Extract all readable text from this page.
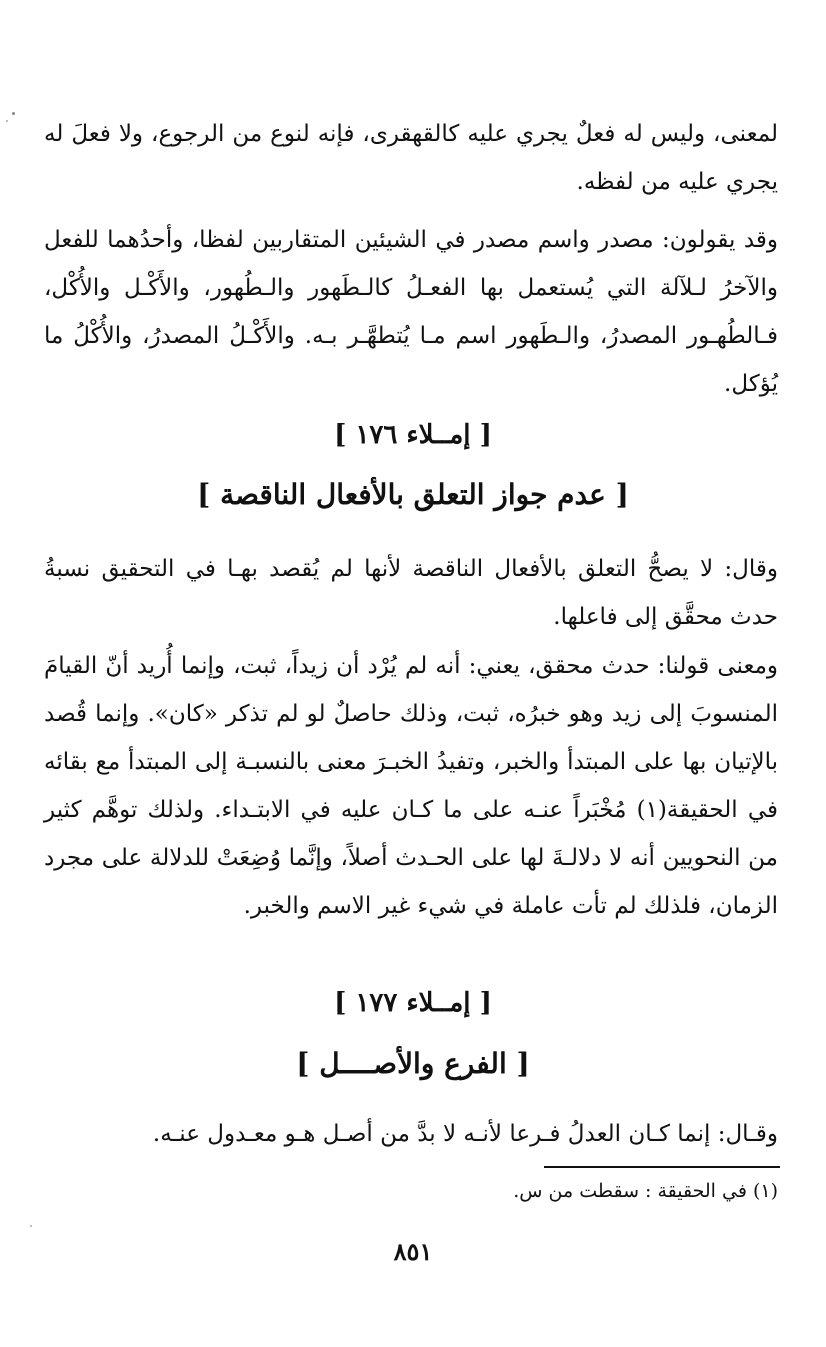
لمعنى، وليس له فعلٌ يجري عليه كالقهقرى، فإنه لنوع من الرجوع، ولا فعلَ له يجري عليه من لفظه.

وقد يقولون: مصدر واسم مصدر في الشيئين المتقاربين لفظا، وأحدُهما للفعل والآخرُ لـلآلة التي يُستعمل بها الفعـلُ كالـطَهور والـطُهور، والأَكْـل والأُكْل، فـالطُهـور المصدرُ، والـطَهور اسم مـا يُتطهَّـر بـه. والأَكْـلُ المصدرُ، والأُكْلُ ما يُؤكل.

[ إمــلاء ١٧٦ ]
[ عدم جواز التعلق بالأفعال الناقصة ]

وقال: لا يصحُّ التعلق بالأفعال الناقصة لأنها لم يُقصد بهـا في التحقيق نسبةُ حدث محقَّق إلى فاعلها.

ومعنى قولنا: حدث محقق، يعني: أنه لم يُرْد أن زيداً، ثبت، وإنما أُريد أنّ القيامَ المنسوبَ إلى زيد وهو خبرُه، ثبت، وذلك حاصلٌ لو لم تذكر «كان». وإنما قُصد بالإتيان بها على المبتدأ والخبر، وتفيدُ الخبـرَ معنى بالنسبـة إلى المبتدأ مع بقائه في الحقيقة(١) مُخْبَراً عنـه على ما كـان عليه في الابتـداء. ولذلك توهَّم كثير من النحويين أنه لا دلالـةَ لها على الحـدث أصلاً، وإنَّما وُضِعَتْ للدلالة على مجرد الزمان، فلذلك لم تأت عاملة في شيء غير الاسم والخبر.

[ إمــلاء ١٧٧ ]
[ الفرع والأصــــل ]

وقـال: إنما كـان العدلُ فـرعا لأنـه لا بدَّ من أصـل هـو معـدول عنـه.

(١) في الحقيقة : سقطت من س.

٨٥١
